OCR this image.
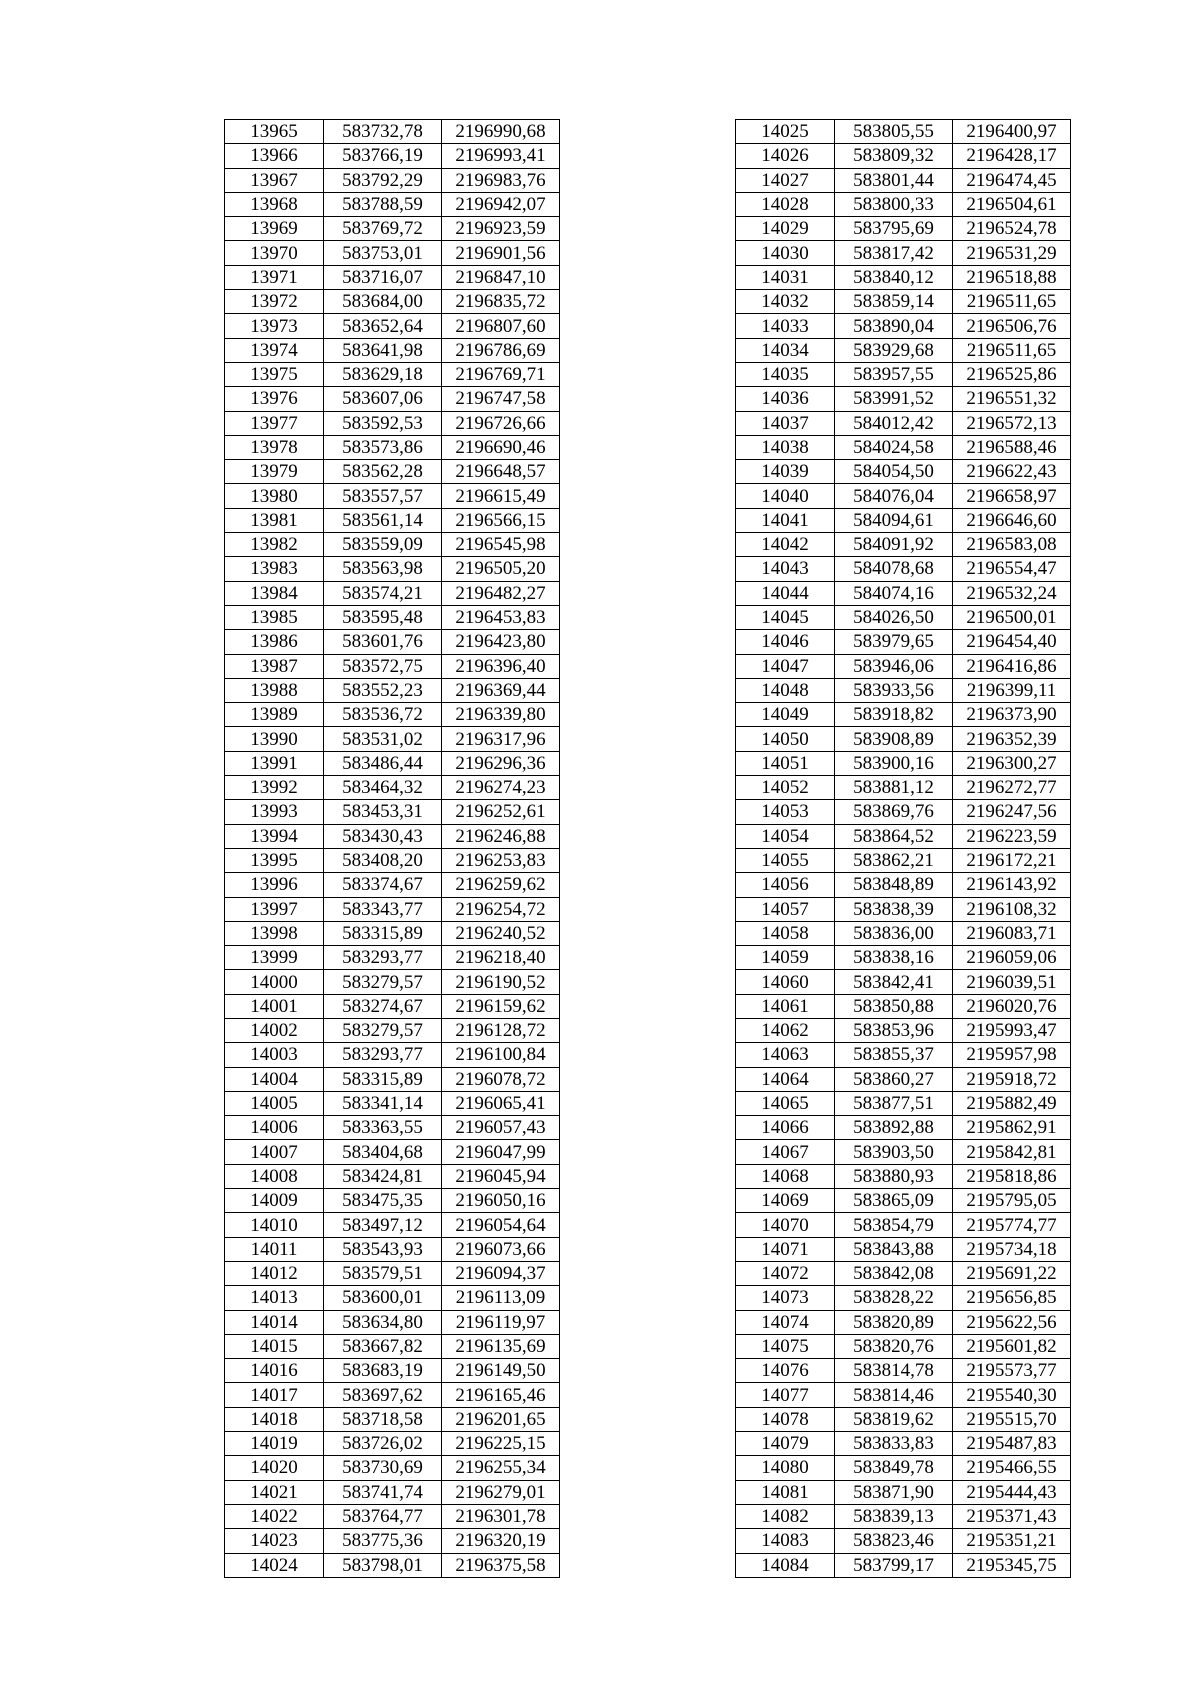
13965	583732,78	2196990,68
13966	583766,19	2196993,41
13967	583792,29	2196983,76
13968	583788,59	2196942,07
13969	583769,72	2196923,59
13970	583753,01	2196901,56
13971	583716,07	2196847,10
13972	583684,00	2196835,72
13973	583652,64	2196807,60
13974	583641,98	2196786,69
13975	583629,18	2196769,71
13976	583607,06	2196747,58
13977	583592,53	2196726,66
13978	583573,86	2196690,46
13979	583562,28	2196648,57
13980	583557,57	2196615,49
13981	583561,14	2196566,15
13982	583559,09	2196545,98
13983	583563,98	2196505,20
13984	583574,21	2196482,27
13985	583595,48	2196453,83
13986	583601,76	2196423,80
13987	583572,75	2196396,40
13988	583552,23	2196369,44
13989	583536,72	2196339,80
13990	583531,02	2196317,96
13991	583486,44	2196296,36
13992	583464,32	2196274,23
13993	583453,31	2196252,61
13994	583430,43	2196246,88
13995	583408,20	2196253,83
13996	583374,67	2196259,62
13997	583343,77	2196254,72
13998	583315,89	2196240,52
13999	583293,77	2196218,40
14000	583279,57	2196190,52
14001	583274,67	2196159,62
14002	583279,57	2196128,72
14003	583293,77	2196100,84
14004	583315,89	2196078,72
14005	583341,14	2196065,41
14006	583363,55	2196057,43
14007	583404,68	2196047,99
14008	583424,81	2196045,94
14009	583475,35	2196050,16
14010	583497,12	2196054,64
14011	583543,93	2196073,66
14012	583579,51	2196094,37
14013	583600,01	2196113,09
14014	583634,80	2196119,97
14015	583667,82	2196135,69
14016	583683,19	2196149,50
14017	583697,62	2196165,46
14018	583718,58	2196201,65
14019	583726,02	2196225,15
14020	583730,69	2196255,34
14021	583741,74	2196279,01
14022	583764,77	2196301,78
14023	583775,36	2196320,19
14024	583798,01	2196375,58
14025	583805,55	2196400,97
14026	583809,32	2196428,17
14027	583801,44	2196474,45
14028	583800,33	2196504,61
14029	583795,69	2196524,78
14030	583817,42	2196531,29
14031	583840,12	2196518,88
14032	583859,14	2196511,65
14033	583890,04	2196506,76
14034	583929,68	2196511,65
14035	583957,55	2196525,86
14036	583991,52	2196551,32
14037	584012,42	2196572,13
14038	584024,58	2196588,46
14039	584054,50	2196622,43
14040	584076,04	2196658,97
14041	584094,61	2196646,60
14042	584091,92	2196583,08
14043	584078,68	2196554,47
14044	584074,16	2196532,24
14045	584026,50	2196500,01
14046	583979,65	2196454,40
14047	583946,06	2196416,86
14048	583933,56	2196399,11
14049	583918,82	2196373,90
14050	583908,89	2196352,39
14051	583900,16	2196300,27
14052	583881,12	2196272,77
14053	583869,76	2196247,56
14054	583864,52	2196223,59
14055	583862,21	2196172,21
14056	583848,89	2196143,92
14057	583838,39	2196108,32
14058	583836,00	2196083,71
14059	583838,16	2196059,06
14060	583842,41	2196039,51
14061	583850,88	2196020,76
14062	583853,96	2195993,47
14063	583855,37	2195957,98
14064	583860,27	2195918,72
14065	583877,51	2195882,49
14066	583892,88	2195862,91
14067	583903,50	2195842,81
14068	583880,93	2195818,86
14069	583865,09	2195795,05
14070	583854,79	2195774,77
14071	583843,88	2195734,18
14072	583842,08	2195691,22
14073	583828,22	2195656,85
14074	583820,89	2195622,56
14075	583820,76	2195601,82
14076	583814,78	2195573,77
14077	583814,46	2195540,30
14078	583819,62	2195515,70
14079	583833,83	2195487,83
14080	583849,78	2195466,55
14081	583871,90	2195444,43
14082	583839,13	2195371,43
14083	583823,46	2195351,21
14084	583799,17	2195345,75
